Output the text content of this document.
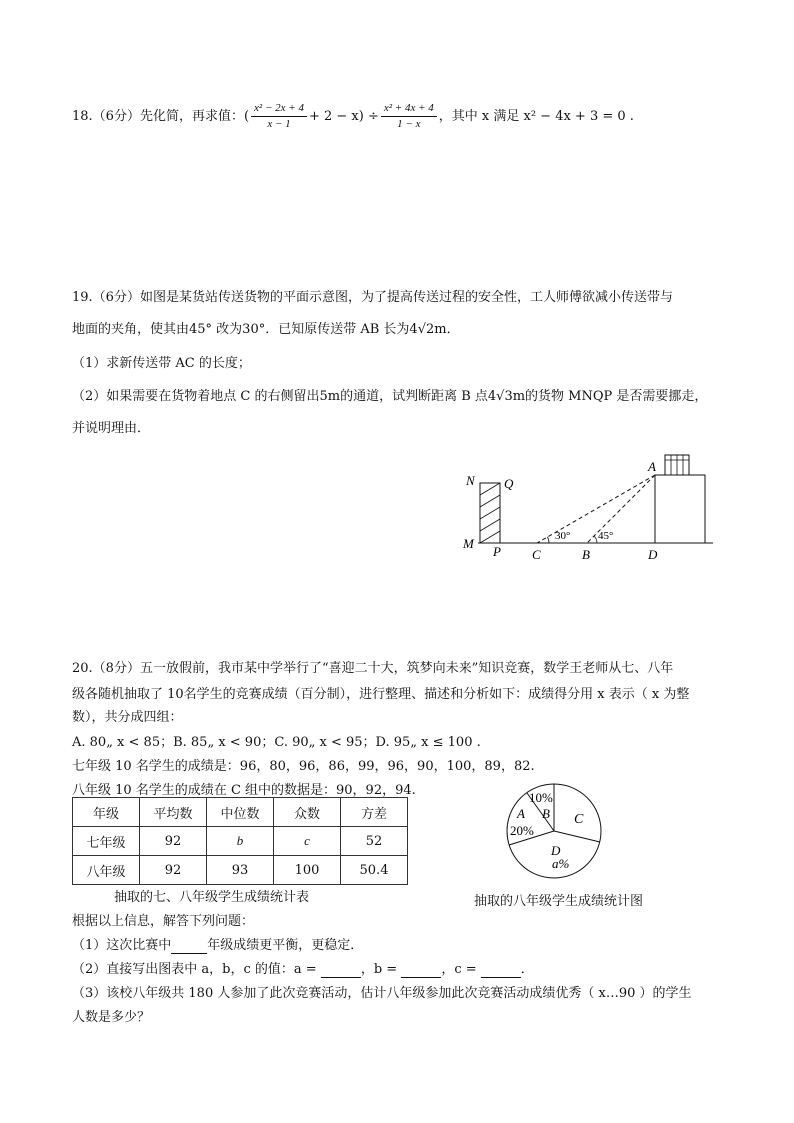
18.（6分）先化简，再求值：( $\frac{\text{x² − 2x + 4}}{x - 1} + 2 - x) \div \frac{\text{x² + 4x + 4}}{1 - x}$ ，其中 x 满足 x² − 4x + 3 = 0 .
19.（6分）如图是某货站传送货物的平面示意图，为了提高传送过程的安全性，工人师傅欲减小传送带与
地面的夹角，使其由45° 改为30°．已知原传送带 AB 长为4√2m．
（1）求新传送带 AC 的长度；
（2）如果需要在货物着地点 C 的右侧留出5m的通道，试判断距离 B 点4√3m的货物 MNQP 是否需要挪走，
并说明理由．
N Q
M
P C	B	D
A
30°	45°
20.（8分）五一放假前，我市某中学举行了“喜迎二十大，筑梦向未来”知识竞赛，数学王老师从七、八年
级各随机抽取了 10名学生的竞赛成绩（百分制），进行整理、描述和分析如下：成绩得分用 x 表示（ x 为整
数），共分成四组：
A. 80„ x < 85；B. 85„ x < 90；C. 90„ x < 95；D. 95„ x ≤ 100 .
七年级 10 名学生的成绩是：96，80，96，86，99，96，90，100，89，82.
八年级 10 名学生的成绩在 C 组中的数据是：90，92，94.
年级	平均数	中位数	众数	方差
七年级	92	b	c	52
八年级	92	93	100	50.4
抽取的七、八年级学生成绩统计表
10%
A
20%
B C
D
a%
抽取的八年级学生成绩统计图
根据以上信息，解答下列问题：
（1）这次比赛中	年级成绩更平衡，更稳定．
（2）直接写出图表中 a，b，c 的值：a =	，b =	，c =	．
（3）该校八年级共 180 人参加了此次竞赛活动，估计八年级参加此次竞赛活动成绩优秀（ x…90 ）的学生
人数是多少？
